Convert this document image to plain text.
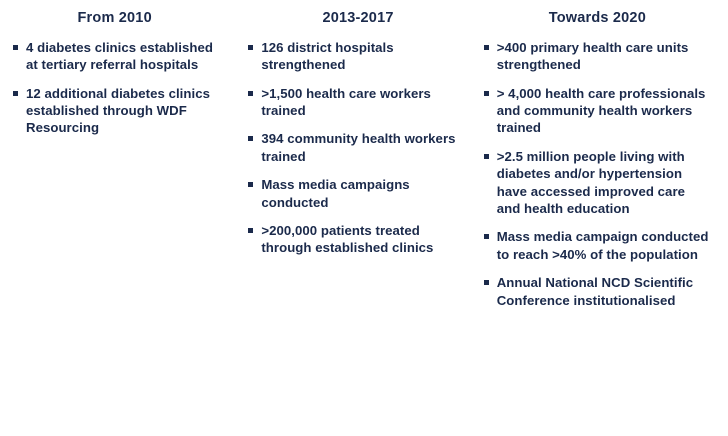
From 2010
4 diabetes clinics established at tertiary referral hospitals
12 additional diabetes clinics established through WDF Resourcing
2013-2017
126 district hospitals strengthened
>1,500 health care workers trained
394 community health workers trained
Mass media campaigns conducted
>200,000 patients treated through established clinics
Towards 2020
>400 primary health care units strengthened
> 4,000 health care professionals and community health workers trained
>2.5 million people living with diabetes and/or hypertension have accessed improved care and health education
Mass media campaign conducted to reach >40% of the population
Annual National NCD Scientific Conference institutionalised
